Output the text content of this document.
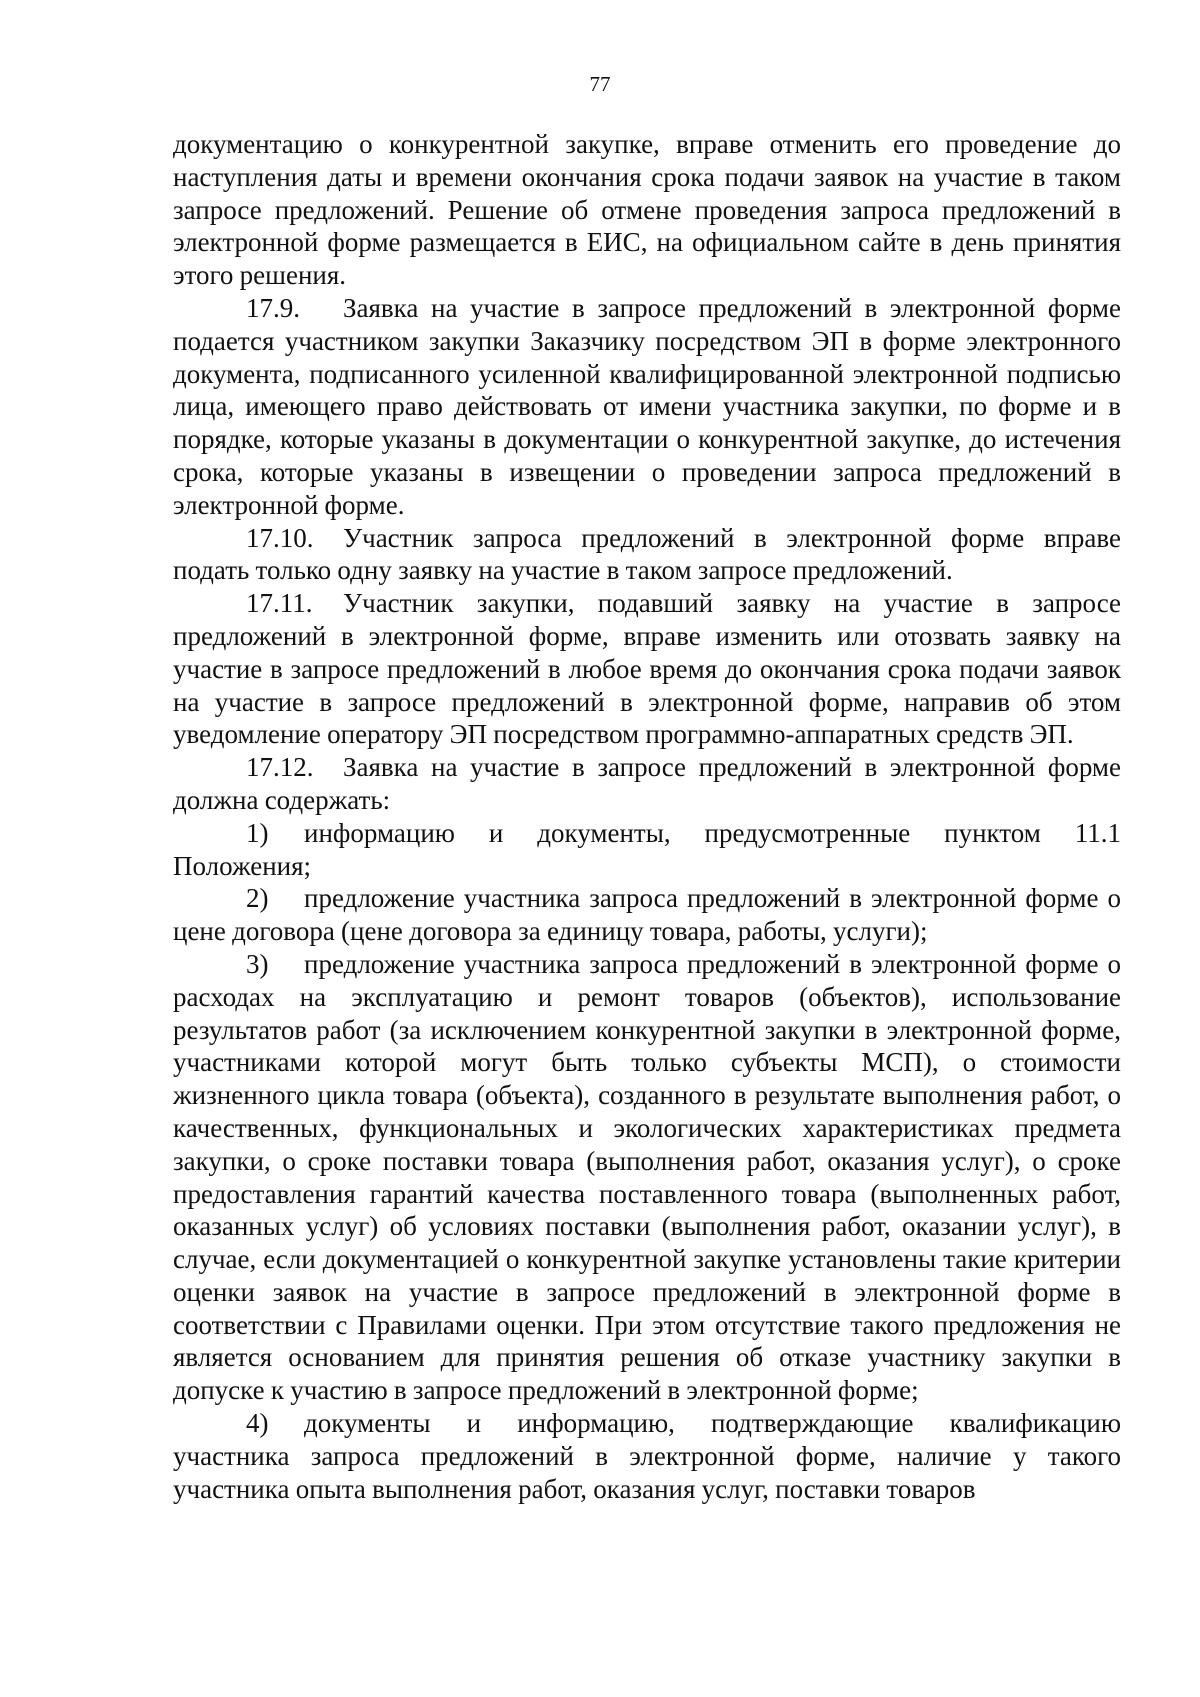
77

документацию о конкурентной закупке, вправе отменить его проведение до наступления даты и времени окончания срока подачи заявок на участие в таком запросе предложений. Решение об отмене проведения запроса предложений в электронной форме размещается в ЕИС, на официальном сайте в день принятия этого решения.

17.9. Заявка на участие в запросе предложений в электронной форме подается участником закупки Заказчику посредством ЭП в форме электронного документа, подписанного усиленной квалифицированной электронной подписью лица, имеющего право действовать от имени участника закупки, по форме и в порядке, которые указаны в документации о конкурентной закупке, до истечения срока, которые указаны в извещении о проведении запроса предложений в электронной форме.

17.10. Участник запроса предложений в электронной форме вправе подать только одну заявку на участие в таком запросе предложений.

17.11. Участник закупки, подавший заявку на участие в запросе предложений в электронной форме, вправе изменить или отозвать заявку на участие в запросе предложений в любое время до окончания срока подачи заявок на участие в запросе предложений в электронной форме, направив об этом уведомление оператору ЭП посредством программно-аппаратных средств ЭП.

17.12. Заявка на участие в запросе предложений в электронной форме должна содержать:

1) информацию и документы, предусмотренные пунктом 11.1 Положения;

2) предложение участника запроса предложений в электронной форме о цене договора (цене договора за единицу товара, работы, услуги);

3) предложение участника запроса предложений в электронной форме о расходах на эксплуатацию и ремонт товаров (объектов), использование результатов работ (за исключением конкурентной закупки в электронной форме, участниками которой могут быть только субъекты МСП), о стоимости жизненного цикла товара (объекта), созданного в результате выполнения работ, о качественных, функциональных и экологических характеристиках предмета закупки, о сроке поставки товара (выполнения работ, оказания услуг), о сроке предоставления гарантий качества поставленного товара (выполненных работ, оказанных услуг) об условиях поставки (выполнения работ, оказании услуг), в случае, если документацией о конкурентной закупке установлены такие критерии оценки заявок на участие в запросе предложений в электронной форме в соответствии с Правилами оценки. При этом отсутствие такого предложения не является основанием для принятия решения об отказе участнику закупки в допуске к участию в запросе предложений в электронной форме;

4) документы и информацию, подтверждающие квалификацию участника запроса предложений в электронной форме, наличие у такого участника опыта выполнения работ, оказания услуг, поставки товаров
